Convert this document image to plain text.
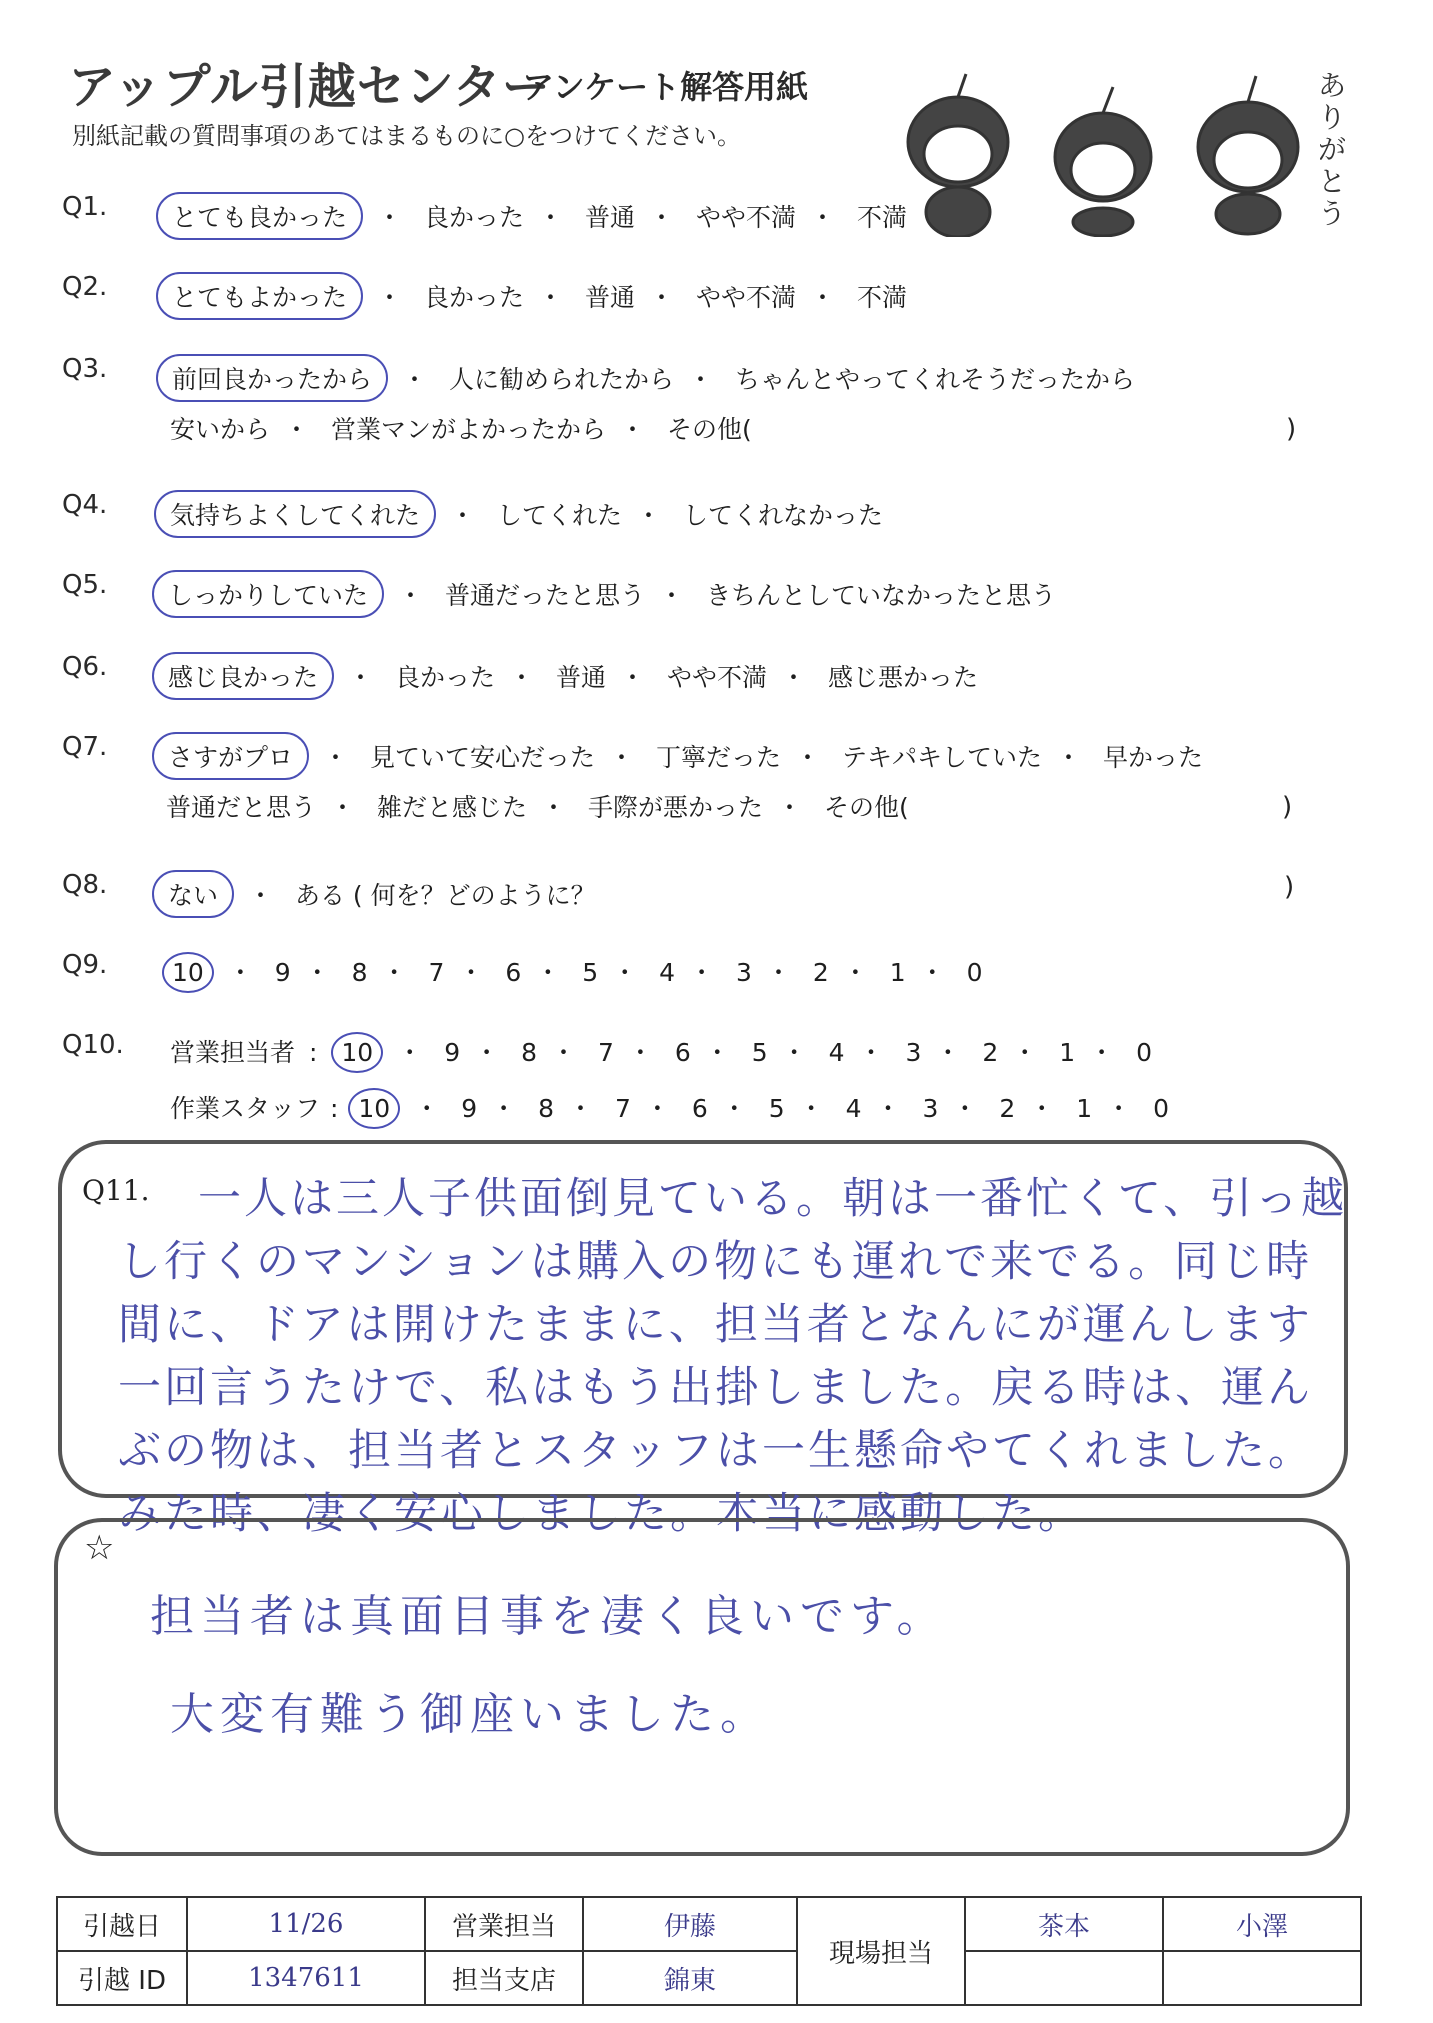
アップル引越センター
アンケート解答用紙
別紙記載の質問事項のあてはまるものに○をつけてください。
ありがとう
Q1.	とても良かった ・ 良かった ・ 普通 ・ やや不満 ・ 不満
Q2.	とてもよかった ・ 良かった ・ 普通 ・ やや不満 ・ 不満
Q3.	前回良かったから ・ 人に勧められたから ・ ちゃんとやってくれそうだったから
安いから ・ 営業マンがよかったから ・ その他(	)
Q4.	気持ちよくしてくれた ・ してくれた ・ してくれなかった
Q5. しっかりしていた ・ 普通だったと思う ・ きちんとしていなかったと思う
Q6. 感じ良かった ・ 良かった ・ 普通 ・ やや不満 ・ 感じ悪かった
Q7. さすがプロ ・ 見ていて安心だった ・ 丁寧だった ・ テキパキしていた ・ 早かった
普通だと思う ・ 雑だと感じた ・ 手際が悪かった ・ その他(	)
Q8. ない ・ ある ( 何を？どのように？	)
Q9.	10 ・ 9 ・ 8 ・ 7 ・ 6 ・ 5 ・ 4 ・ 3 ・ 2 ・ 1 ・ 0
Q10. 営業担当者 : 10 ・ 9 ・ 8 ・ 7 ・ 6 ・ 5 ・ 4 ・ 3 ・ 2 ・ 1 ・ 0
作業スタッフ : 10 ・ 9 ・ 8 ・ 7 ・ 6 ・ 5 ・ 4 ・ 3 ・ 2 ・ 1 ・ 0
Q11.	一人は三人子供面倒見ている。朝は一番忙くて、引っ越し行くのマンションは購入の物にも運れで来でる。同じ時間に、ドアは開けたままに、担当者となんにが運んします一回言うたけで、私はもう出掛しました。戻る時は、運んぶの物は、担当者とスタッフは一生懸命やてくれました。みた時、凄く安心しました。本当に感動した。
☆
担当者は真面目事を凄く良いです。
大変有難う御座いました。
引越日	11/26	営業担当	伊藤	現場担当	茶本	小澤
引越 ID	1347611	担当支店	錦東			
